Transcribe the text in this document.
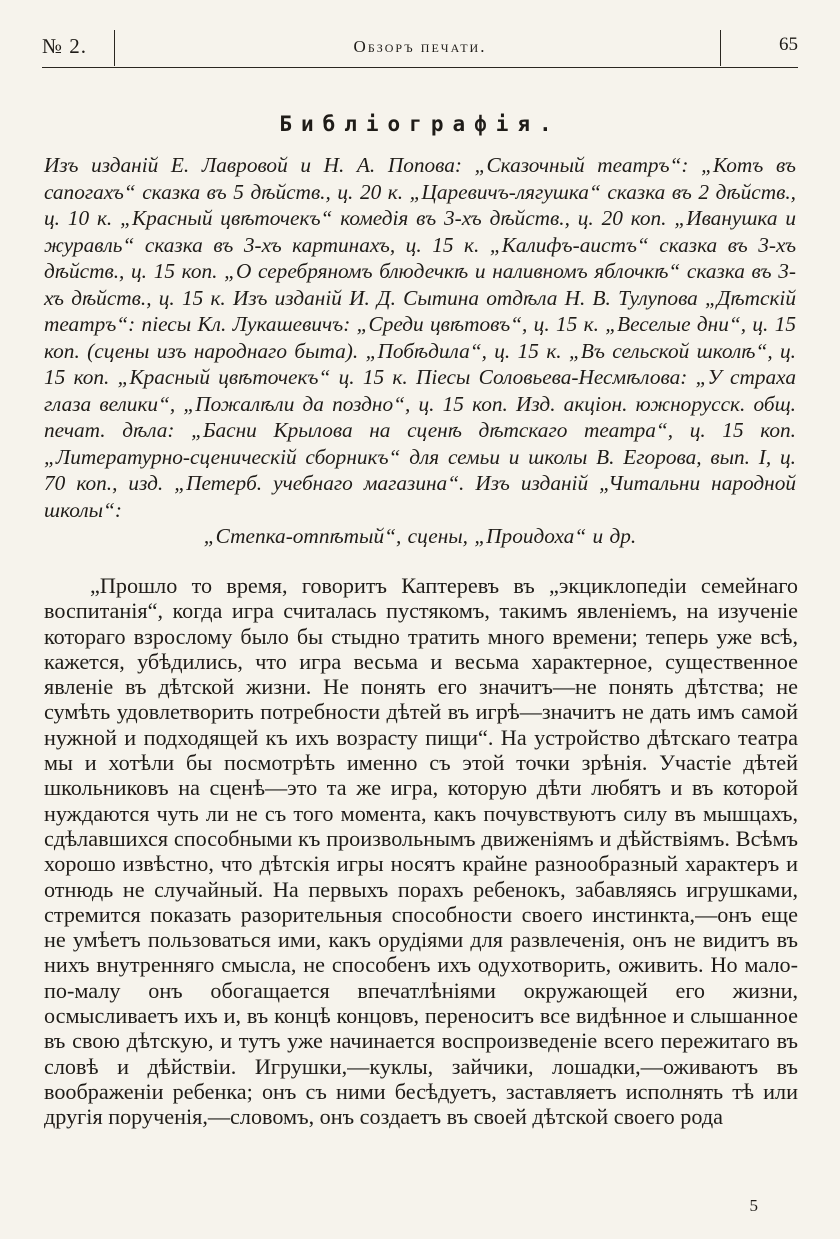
№ 2.	Обзоръ печати.	65
Библіографія.

Изъ изданій Е. Лавровой и Н. А. Попова: „Сказочный театръ“: „Котъ въ сапогахъ“ сказка въ 5 дѣйств., ц. 20 к. „Царевичъ-лягушка“ сказка въ 2 дѣйств., ц. 10 к. „Красный цвѣточекъ“ комедія въ 3-хъ дѣйств., ц. 20 коп. „Иванушка и журавль“ сказка въ 3-хъ картинахъ, ц. 15 к. „Калифъ-аистъ“ сказка въ 3-хъ дѣйств., ц. 15 коп. „О серебряномъ блюдечкѣ и наливномъ яблочкѣ“ сказка въ 3-хъ дѣйств., ц. 15 к. Изъ изданій И. Д. Сытина отдѣла Н. В. Тулупова „Дѣтскій театръ“: піесы Кл. Лукашевичъ: „Среди цвѣтовъ“, ц. 15 к. „Веселые дни“, ц. 15 коп. (сцены изъ народнаго быта). „Побѣдила“, ц. 15 к. „Въ сельской школѣ“, ц. 15 коп. „Красный цвѣточекъ“ ц. 15 к. Піесы Соловьева-Несмѣлова: „У страха глаза велики“, „Пожалѣли да поздно“, ц. 15 коп. Изд. акціон. южнорусск. общ. печат. дѣла: „Басни Крылова на сценѣ дѣтскаго театра“, ц. 15 коп. „Литературно-сценическій сборникъ“ для семьи и школы В. Егорова, вып. I, ц. 70 коп., изд. „Петерб. учебнаго магазина“. Изъ изданій „Читальни народной школы“:

„Степка-отпѣтый“, сцены, „Проидоха“ и др.

„Прошло то время, говоритъ Каптеревъ въ „экциклопедіи семейнаго воспитанія“, когда игра считалась пустякомъ, такимъ явленіемъ, на изученіе котораго взрослому было бы стыдно тратить много времени; теперь уже всѣ, кажется, убѣдились, что игра весьма и весьма характерное, существенное явленіе въ дѣтской жизни. Не понять его значитъ—не понять дѣтства; не сумѣть удовлетворить потребности дѣтей въ игрѣ—значитъ не дать имъ самой нужной и подходящей къ ихъ возрасту пищи“. На устройство дѣтскаго театра мы и хотѣли бы посмотрѣть именно съ этой точки зрѣнія. Участіе дѣтей школьниковъ на сценѣ—это та же игра, которую дѣти любятъ и въ которой нуждаются чуть ли не съ того момента, какъ почувствуютъ силу въ мышцахъ, сдѣлавшихся способными къ произвольнымъ движеніямъ и дѣйствіямъ. Всѣмъ хорошо извѣстно, что дѣтскія игры носятъ крайне разнообразный характеръ и отнюдь не случайный. На первыхъ порахъ ребенокъ, забавляясь игрушками, стремится показать разорительныя способности своего инстинкта,—онъ еще не умѣетъ пользоваться ими, какъ орудіями для развлеченія, онъ не видитъ въ нихъ внутренняго смысла, не способенъ ихъ одухотворить, оживить. Но мало-по-малу онъ обогащается впечатлѣніями окружающей его жизни, осмысливаетъ ихъ и, въ концѣ концовъ, переноситъ все видѣнное и слышанное въ свою дѣтскую, и тутъ уже начинается воспроизведеніе всего пережитаго въ словѣ и дѣйствіи. Игрушки,—куклы, зайчики, лошадки,—оживаютъ въ воображеніи ребенка; онъ съ ними бесѣдуетъ, заставляетъ исполнять тѣ или другія порученія,—словомъ, онъ создаетъ въ своей дѣтской своего рода

5
